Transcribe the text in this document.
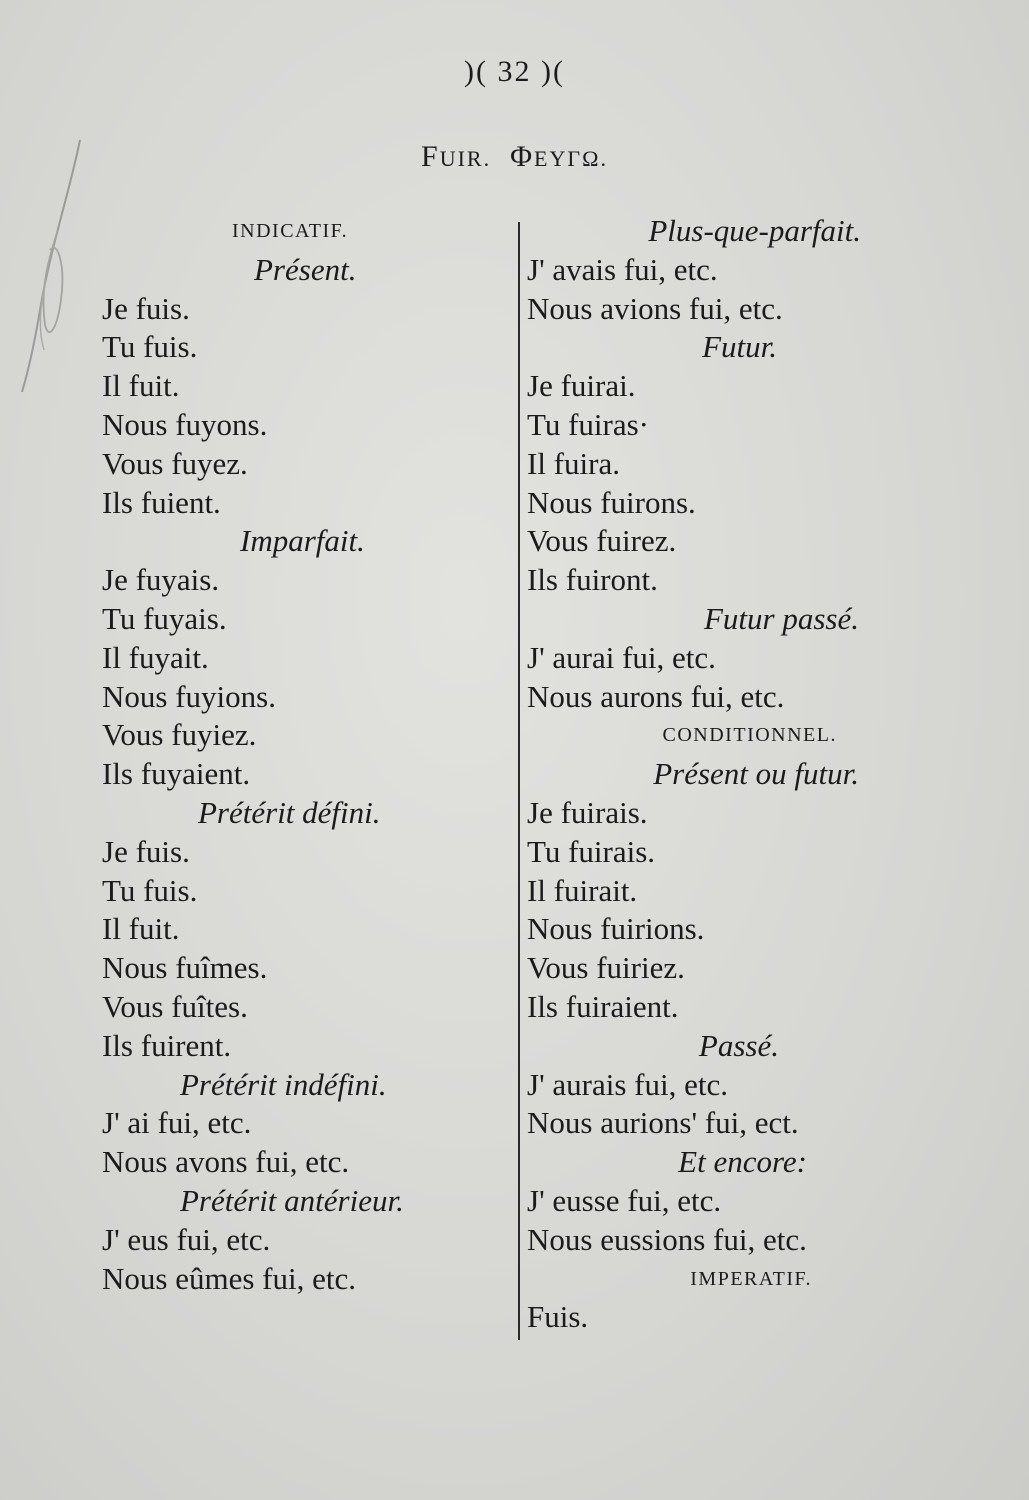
)( 32 )(
FUIR. ΦΕΥΓΩ.
INDICATIF.
Présent.
Je fuis.
Tu fuis.
Il fuit.
Nous fuyons.
Vous fuyez.
Ils fuient.
Imparfait.
Je fuyais.
Tu fuyais.
Il fuyait.
Nous fuyions.
Vous fuyiez.
Ils fuyaient.
Prétérit défini.
Je fuis.
Tu fuis.
Il fuit.
Nous fuîmes.
Vous fuîtes.
Ils fuirent.
Prétérit indéfini.
J' ai fui, etc.
Nous avons fui, etc.
Prétérit antérieur.
J' eus fui, etc.
Nous eûmes fui, etc.
Plus-que-parfait.
J' avais fui, etc.
Nous avions fui, etc.
Futur.
Je fuirai.
Tu fuiras·
Il fuira.
Nous fuirons.
Vous fuirez.
Ils fuiront.
Futur passé.
J' aurai fui, etc.
Nous aurons fui, etc.
CONDITIONNEL.
Présent ou futur.
Je fuirais.
Tu fuirais.
Il fuirait.
Nous fuirions.
Vous fuiriez.
Ils fuiraient.
Passé.
J' aurais fui, etc.
Nous aurions' fui, ect.
Et encore:
J' eusse fui, etc.
Nous eussions fui, etc.
IMPERATIF.
Fuis.
